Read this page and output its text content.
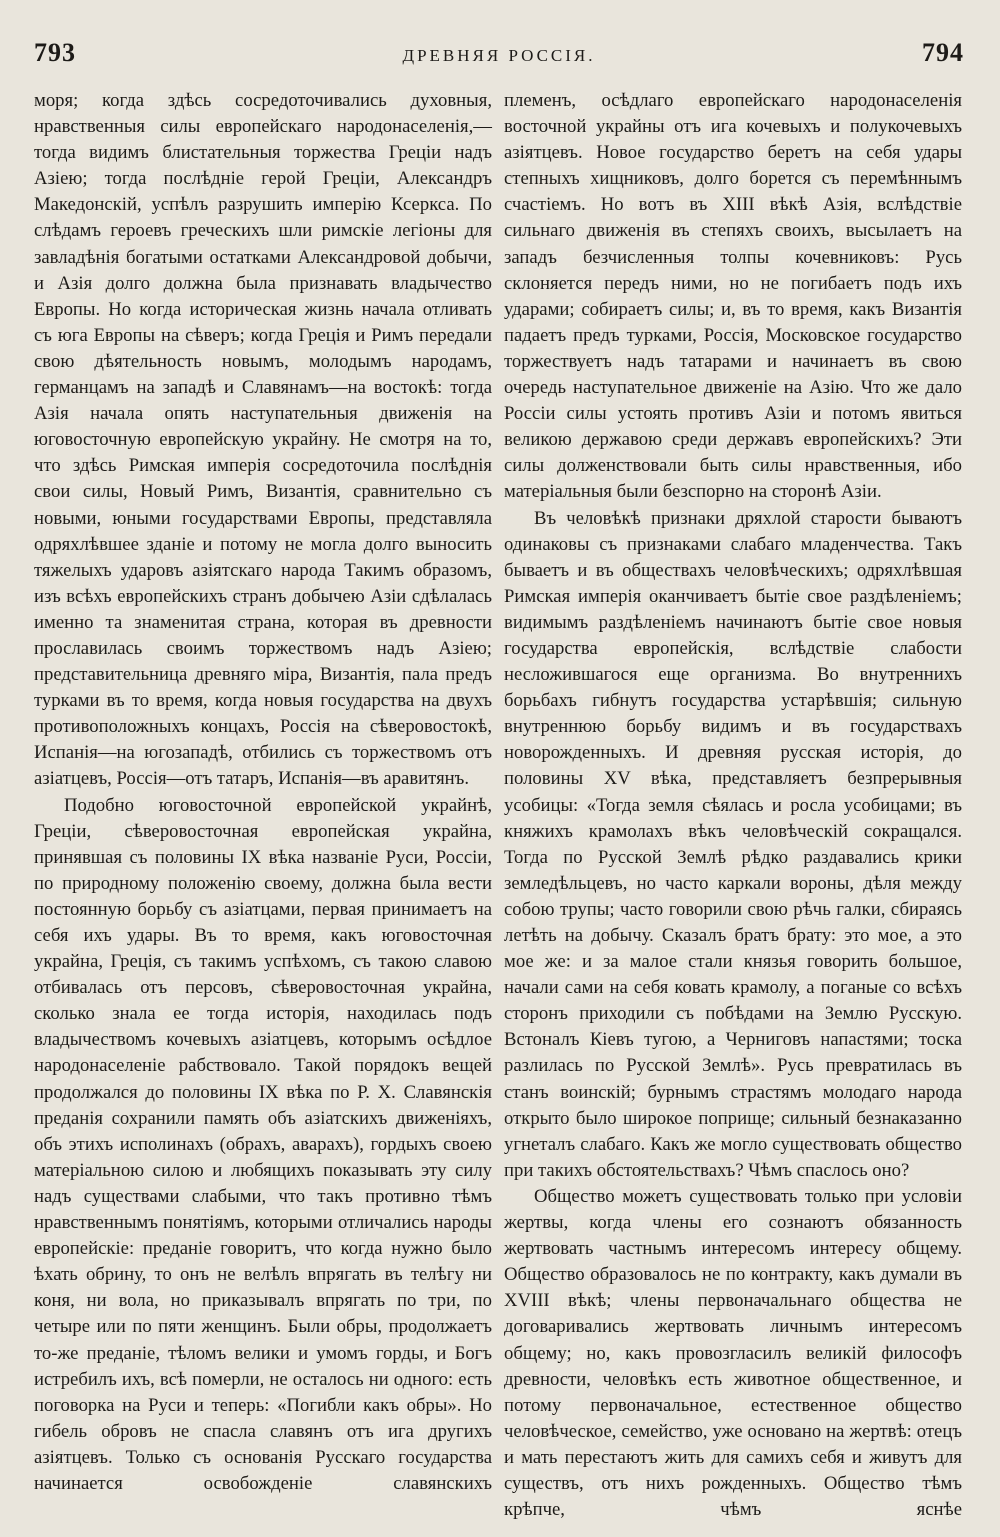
793	ДРЕВНЯЯ РОССІЯ.	794

моря; когда здѣсь сосредоточивались духовныя, нравственныя силы европейскаго народонаселенія,—тогда видимъ блистательныя торжества Греціи надъ Азіею; тогда послѣдніе герой Греціи, Александръ Македонскій, успѣлъ разрушить имперію Ксеркса. По слѣдамъ героевъ греческихъ шли римскіе легіоны для завладѣнія богатыми остатками Александровой добычи, и Азія долго должна была признавать владычество Европы. Но когда историческая жизнь начала отливать съ юга Европы на сѣверъ; когда Греція и Римъ передали свою дѣятельность новымъ, молодымъ народамъ, германцамъ на западѣ и Славянамъ—на востокѣ: тогда Азія начала опять наступательныя движенія на юговосточную европейскую украйну. Не смотря на то, что здѣсь Римская имперія сосредоточила послѣднія свои силы, Новый Римъ, Византія, сравнительно съ новыми, юными государствами Европы, представляла одряхлѣвшее зданіе и потому не могла долго выносить тяжелыхъ ударовъ азіятскаго народа Такимъ образомъ, изъ всѣхъ европейскихъ странъ добычею Азіи сдѣлалась именно та знаменитая страна, которая въ древности прославилась своимъ торжествомъ надъ Азіею; представительница древняго міра, Византія, пала предъ турками въ то время, когда новыя государства на двухъ противоположныхъ концахъ, Россія на сѣверовостокѣ, Испанія—на югозападѣ, отбились съ торжествомъ отъ азіатцевъ, Россія—отъ татаръ, Испанія—въ аравитянъ.

Подобно юговосточной европейской украйнѣ, Греціи, сѣверовосточная европейская украйна, принявшая съ половины IX вѣка названіе Руси, Россіи, по природному положенію своему, должна была вести постоянную борьбу съ азіатцами, первая принимаетъ на себя ихъ удары. Въ то время, какъ юговосточная украйна, Греція, съ такимъ успѣхомъ, съ такою славою отбивалась отъ персовъ, сѣверовосточная украйна, сколько знала ее тогда исторія, находилась подъ владычествомъ кочевыхъ азіатцевъ, которымъ осѣдлое народонаселеніе рабствовало. Такой порядокъ вещей продолжался до половины IX вѣка по Р. Х. Славянскія преданія сохранили память объ азіатскихъ движеніяхъ, объ этихъ исполинахъ (обрахъ, аварахъ), гордыхъ своею матеріальною силою и любящихъ показывать эту силу надъ существами слабыми, что такъ противно тѣмъ нравственнымъ понятіямъ, которыми отличались народы европейскіе: преданіе говоритъ, что когда нужно было ѣхать обрину, то онъ не велѣлъ впрягать въ телѣгу ни коня, ни вола, но приказывалъ впрягать по три, по четыре или по пяти женщинъ. Были обры, продолжаетъ то-же преданіе, тѣломъ велики и умомъ горды, и Богъ истребилъ ихъ, всѣ померли, не осталось ни одного: есть поговорка на Руси и теперь: «Погибли какъ обры». Но гибель обровъ не спасла славянъ отъ ига другихъ азіятцевъ. Только съ основанія Русскаго государства начинается освобожденіе славянскихъ

племенъ, осѣдлаго европейскаго народонаселенія восточной украйны отъ ига кочевыхъ и полукочевыхъ азіятцевъ. Новое государство беретъ на себя удары степныхъ хищниковъ, долго борется съ перемѣннымъ счастіемъ. Но вотъ въ XIII вѣкѣ Азія, вслѣдствіе сильнаго движенія въ степяхъ своихъ, высылаетъ на западъ безчисленныя толпы кочевниковъ: Русь склоняется передъ ними, но не погибаетъ подъ ихъ ударами; собираетъ силы; и, въ то время, какъ Византія падаетъ предъ турками, Россія, Московское государство торжествуетъ надъ татарами и начинаетъ въ свою очередь наступательное движеніе на Азію. Что же дало Россіи силы устоять противъ Азіи и потомъ явиться великою державою среди державъ европейскихъ? Эти силы долженствовали быть силы нравственныя, ибо матеріальныя были безспорно на сторонѣ Азіи.

Въ человѣкѣ признаки дряхлой старости бываютъ одинаковы съ признаками слабаго младенчества. Такъ бываетъ и въ обществахъ человѣческихъ; одряхлѣвшая Римская имперія оканчиваетъ бытіе свое раздѣленіемъ; видимымъ раздѣленіемъ начинаютъ бытіе свое новыя государства европейскія, вслѣдствіе слабости несложившагося еще организма. Во внутреннихъ борьбахъ гибнутъ государства устарѣвшія; сильную внутреннюю борьбу видимъ и въ государствахъ новорожденныхъ. И древняя русская исторія, до половины XV вѣка, представляетъ безпрерывныя усобицы: «Тогда земля сѣялась и росла усобицами; въ княжихъ крамолахъ вѣкъ человѣческій сокращался. Тогда по Русской Землѣ рѣдко раздавались крики земледѣльцевъ, но часто каркали вороны, дѣля между собою трупы; часто говорили свою рѣчь галки, сбираясь летѣть на добычу. Сказалъ братъ брату: это мое, а это мое же: и за малое стали князья говорить большое, начали сами на себя ковать крамолу, а поганые со всѣхъ сторонъ приходили съ побѣдами на Землю Русскую. Встоналъ Кіевъ тугою, а Черниговъ напастями; тоска разлилась по Русской Землѣ». Русь превратилась въ станъ воинскій; бурнымъ страстямъ молодаго народа открыто было широкое поприще; сильный безнаказанно угнеталъ слабаго. Какъ же могло существовать общество при такихъ обстоятельствахъ? Чѣмъ спаслось оно?

Общество можетъ существовать только при условіи жертвы, когда члены его сознаютъ обязанность жертвовать частнымъ интересомъ интересу общему. Общество образовалось не по контракту, какъ думали въ XVIII вѣкѣ; члены первоначальнаго общества не договаривались жертвовать личнымъ интересомъ общему; но, какъ провозгласилъ великій философъ древности, человѣкъ есть животное общественное, и потому первоначальное, естественное общество человѣческое, семейство, уже основано на жертвѣ: отецъ и мать перестаютъ жить для самихъ себя и живутъ для существъ, отъ нихъ рожденныхъ. Общество тѣмъ крѣпче, чѣмъ яснѣе
